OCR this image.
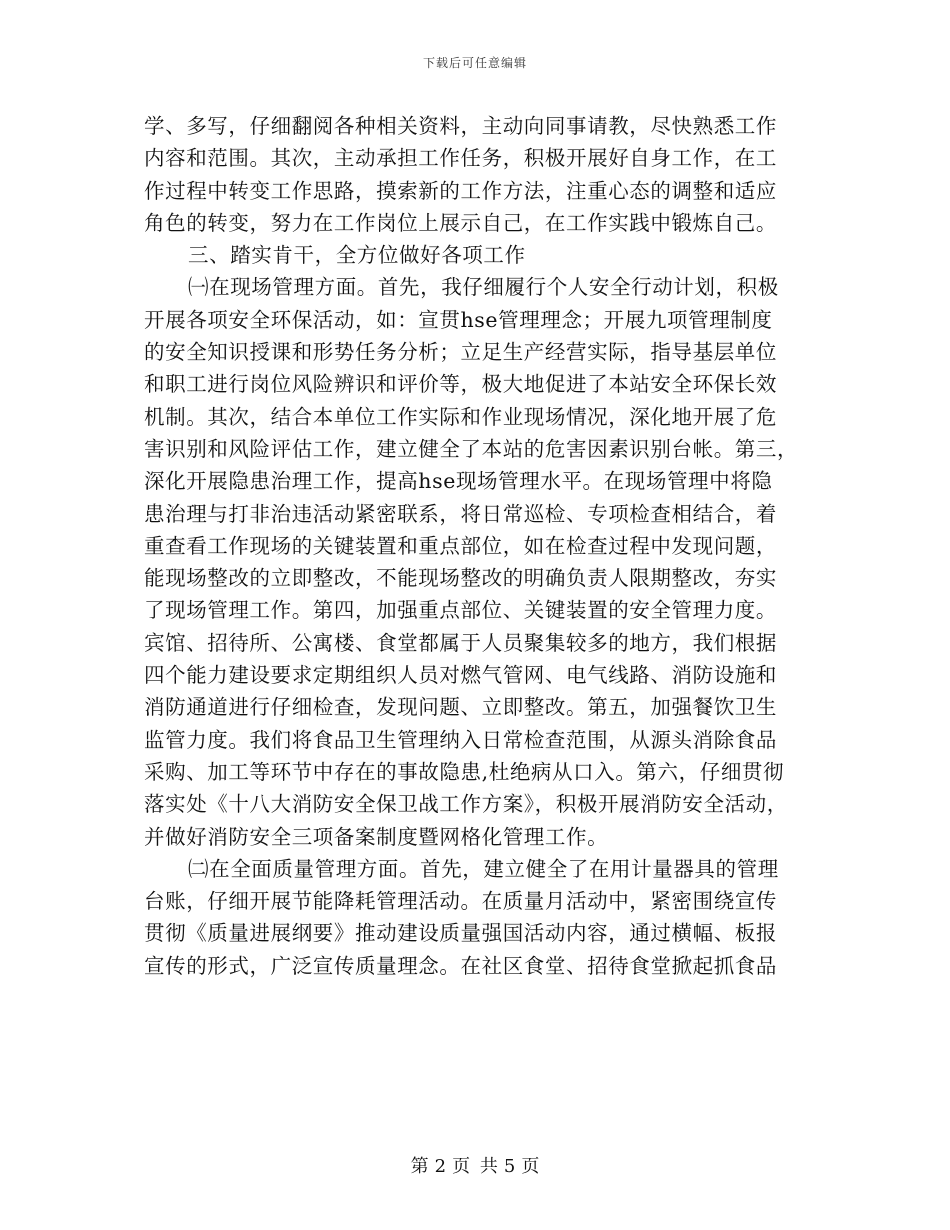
下载后可任意编辑
学、多写，仔细翻阅各种相关资料，主动向同事请教，尽快熟悉工作
内容和范围。其次，主动承担工作任务，积极开展好自身工作，在工
作过程中转变工作思路，摸索新的工作方法，注重心态的调整和适应
角色的转变，努力在工作岗位上展示自己，在工作实践中锻炼自己。
三、踏实肯干，全方位做好各项工作
㈠在现场管理方面。首先，我仔细履行个人安全行动计划，积极
开展各项安全环保活动，如：宣贯hse管理理念；开展九项管理制度
的安全知识授课和形势任务分析；立足生产经营实际，指导基层单位
和职工进行岗位风险辨识和评价等，极大地促进了本站安全环保长效
机制。其次，结合本单位工作实际和作业现场情况，深化地开展了危
害识别和风险评估工作，建立健全了本站的危害因素识别台帐。第三，
深化开展隐患治理工作，提高hse现场管理水平。在现场管理中将隐
患治理与打非治违活动紧密联系，将日常巡检、专项检查相结合，着
重查看工作现场的关键装置和重点部位，如在检查过程中发现问题，
能现场整改的立即整改，不能现场整改的明确负责人限期整改，夯实
了现场管理工作。第四，加强重点部位、关键装置的安全管理力度。
宾馆、招待所、公寓楼、食堂都属于人员聚集较多的地方，我们根据
四个能力建设要求定期组织人员对燃气管网、电气线路、消防设施和
消防通道进行仔细检查，发现问题、立即整改。第五，加强餐饮卫生
监管力度。我们将食品卫生管理纳入日常检查范围，从源头消除食品
采购、加工等环节中存在的事故隐患,杜绝病从口入。第六，仔细贯彻
落实处《十八大消防安全保卫战工作方案》，积极开展消防安全活动，
并做好消防安全三项备案制度暨网格化管理工作。
㈡在全面质量管理方面。首先，建立健全了在用计量器具的管理
台账，仔细开展节能降耗管理活动。在质量月活动中，紧密围绕宣传
贯彻《质量进展纲要》推动建设质量强国活动内容，通过横幅、板报
宣传的形式，广泛宣传质量理念。在社区食堂、招待食堂掀起抓食品
第 2 页 共 5 页
